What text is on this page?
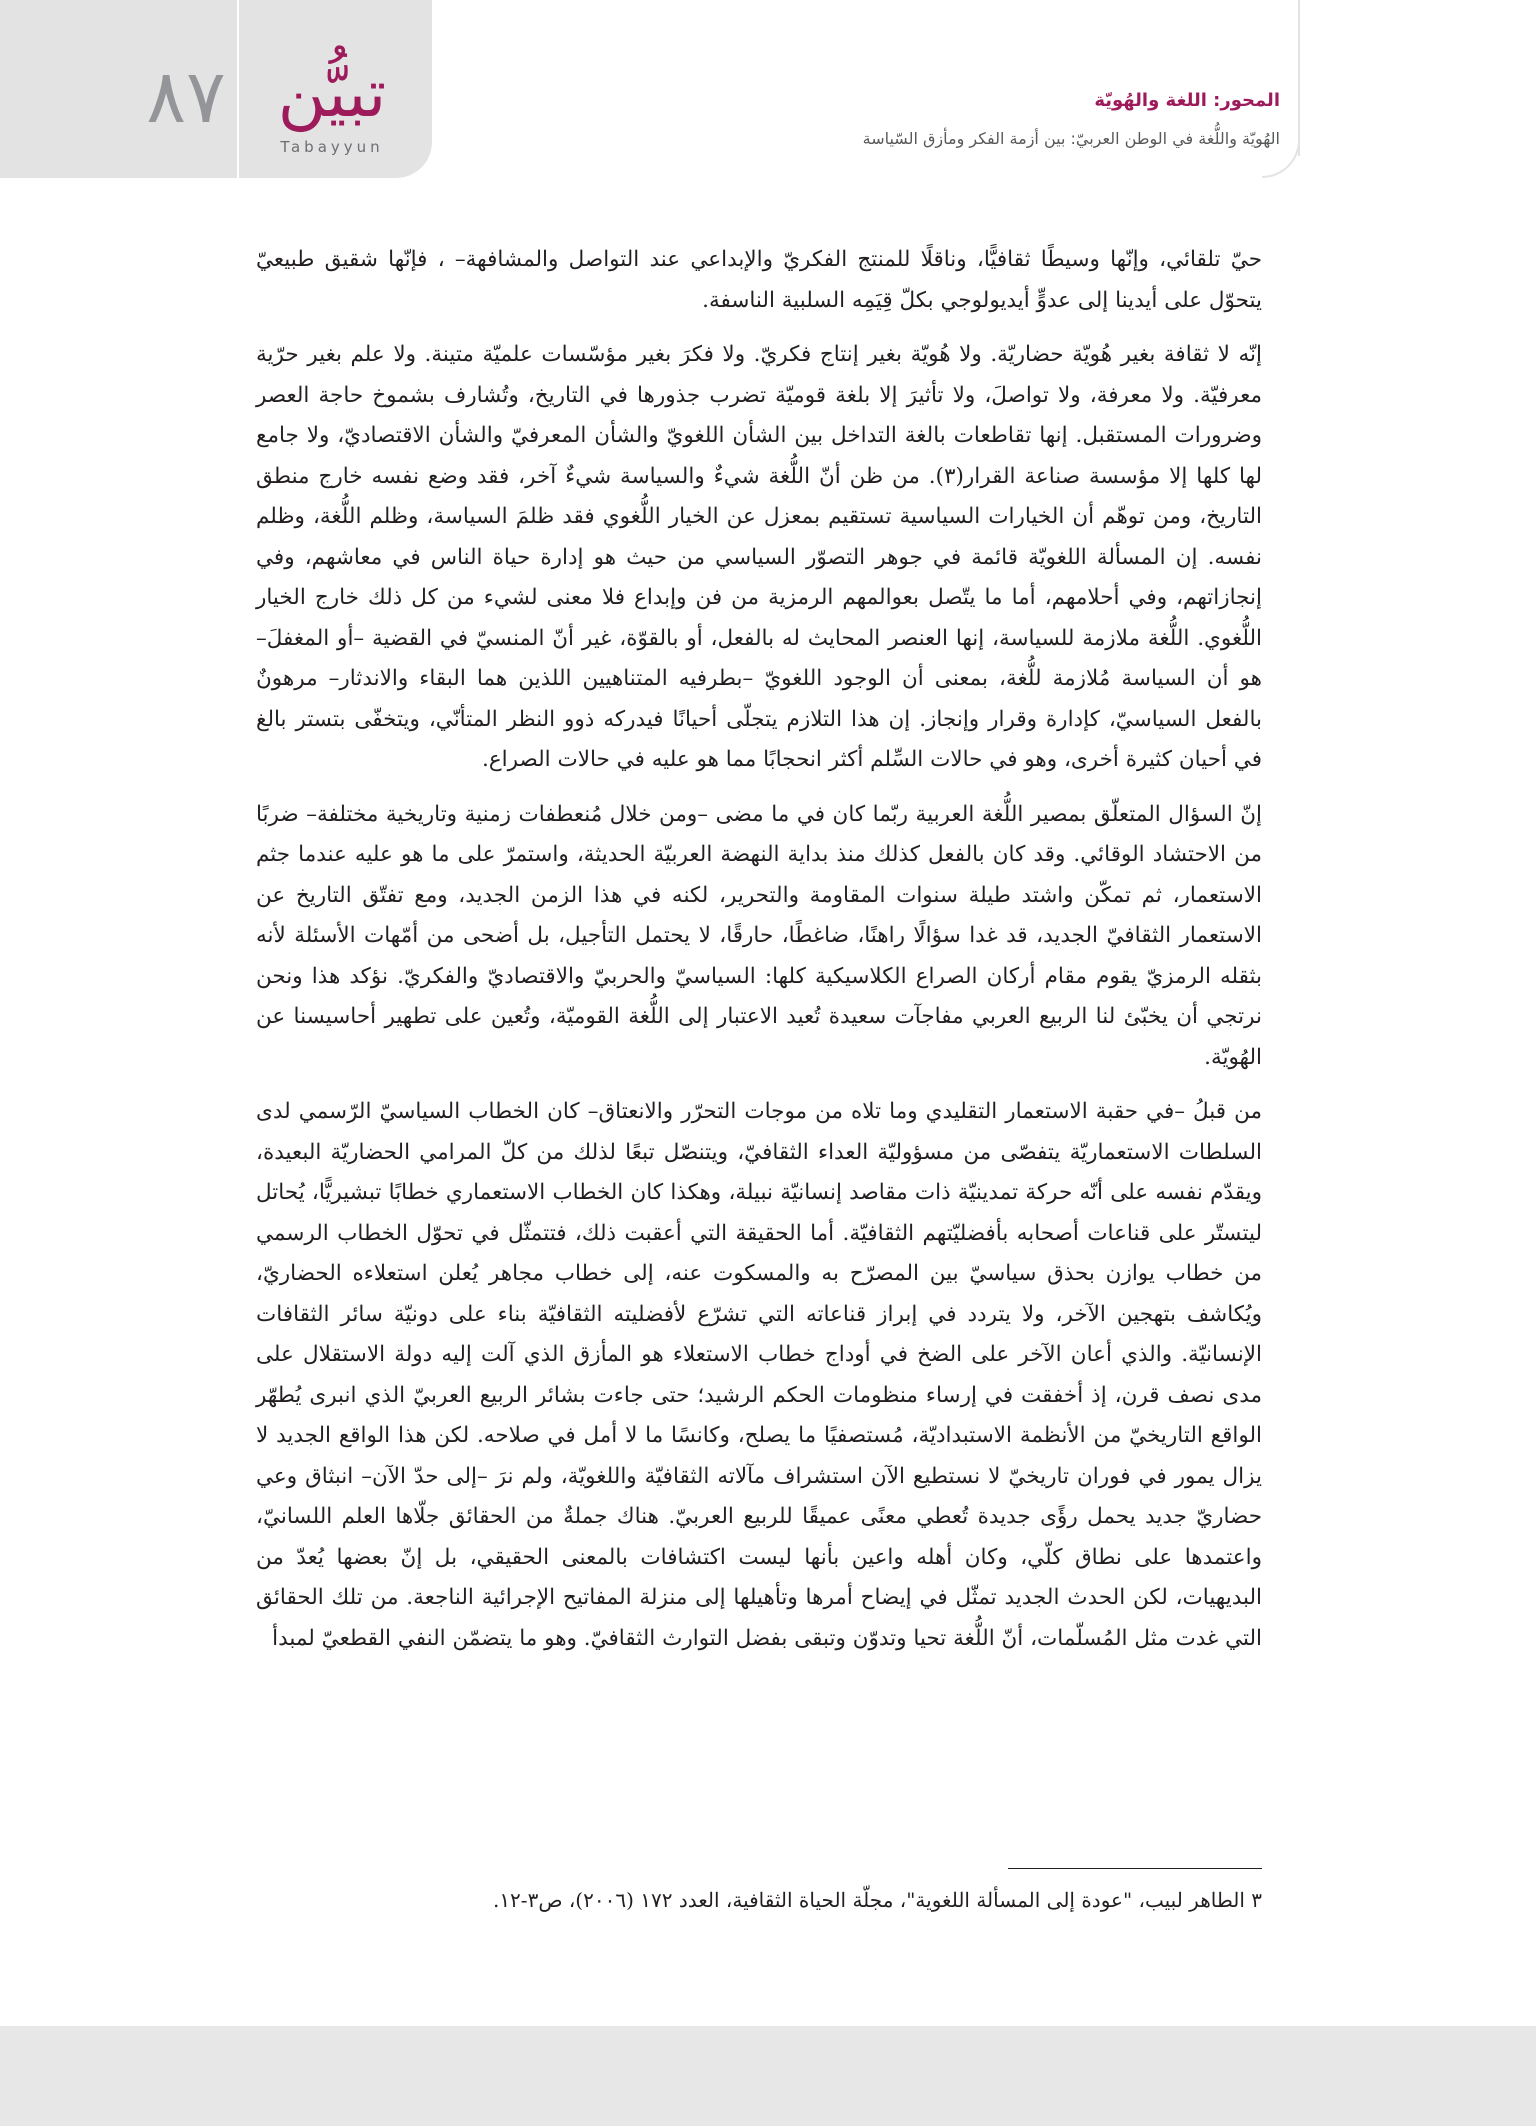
٨٧ تبيُّن
Tabayyun
المحور: اللغة والهُويّة
الهُويّة واللُّغة في الوطن العربيّ: بين أزمة الفكر ومأزق السّياسة

حيّ تلقائي، وإنّها وسيطًا ثقافيًّا، وناقلًا للمنتج الفكريّ والإبداعي عند التواصل والمشافهة– ، فإنّها شقيق طبيعيّ يتحوّل على أيدينا إلى عدوٍّ أيديولوجي بكلّ قِيَمِه السلبية الناسفة.

إنّه لا ثقافة بغير هُويّة حضاريّة. ولا هُويّة بغير إنتاج فكريّ. ولا فكرَ بغير مؤسّسات علميّة متينة. ولا علم بغير حرّية معرفيّة. ولا معرفة، ولا تواصلَ، ولا تأثيرَ إلا بلغة قوميّة تضرب جذورها في التاريخ، وتُشارف بشموخ حاجة العصر وضرورات المستقبل. إنها تقاطعات بالغة التداخل بين الشأن اللغويّ والشأن المعرفيّ والشأن الاقتصاديّ، ولا جامع لها كلها إلا مؤسسة صناعة القرار(٣). من ظن أنّ اللُّغة شيءٌ والسياسة شيءٌ آخر، فقد وضع نفسه خارج منطق التاريخ، ومن توهّم أن الخيارات السياسية تستقيم بمعزل عن الخيار اللُّغوي فقد ظلمَ السياسة، وظلم اللُّغة، وظلم نفسه. إن المسألة اللغويّة قائمة في جوهر التصوّر السياسي من حيث هو إدارة حياة الناس في معاشهم، وفي إنجازاتهم، وفي أحلامهم، أما ما يتّصل بعوالمهم الرمزية من فن وإبداع فلا معنى لشيء من كل ذلك خارج الخيار اللُّغوي. اللُّغة ملازمة للسياسة، إنها العنصر المحايث له بالفعل، أو بالقوّة، غير أنّ المنسيّ في القضية –أو المغفلَ– هو أن السياسة مُلازمة للُّغة، بمعنى أن الوجود اللغويّ –بطرفيه المتناهيين اللذين هما البقاء والاندثار– مرهونٌ بالفعل السياسيّ، كإدارة وقرار وإنجاز. إن هذا التلازم يتجلّى أحيانًا فيدركه ذوو النظر المتأنّي، ويتخفّى بتستر بالغ في أحيان كثيرة أخرى، وهو في حالات السِّلم أكثر انحجابًا مما هو عليه في حالات الصراع.

إنّ السؤال المتعلّق بمصير اللُّغة العربية ربّما كان في ما مضى –ومن خلال مُنعطفات زمنية وتاريخية مختلفة– ضربًا من الاحتشاد الوقائي. وقد كان بالفعل كذلك منذ بداية النهضة العربيّة الحديثة، واستمرّ على ما هو عليه عندما جثم الاستعمار، ثم تمكّن واشتد طيلة سنوات المقاومة والتحرير، لكنه في هذا الزمن الجديد، ومع تفتّق التاريخ عن الاستعمار الثقافيّ الجديد، قد غدا سؤالًا راهنًا، ضاغطًا، حارقًا، لا يحتمل التأجيل، بل أضحى من أمّهات الأسئلة لأنه بثقله الرمزيّ يقوم مقام أركان الصراع الكلاسيكية كلها: السياسيّ والحربيّ والاقتصاديّ والفكريّ. نؤكد هذا ونحن نرتجي أن يخبّئ لنا الربيع العربي مفاجآت سعيدة تُعيد الاعتبار إلى اللُّغة القوميّة، وتُعين على تطهير أحاسيسنا عن الهُويّة.

من قبلُ –في حقبة الاستعمار التقليدي وما تلاه من موجات التحرّر والانعتاق– كان الخطاب السياسيّ الرّسمي لدى السلطات الاستعماريّة يتفصّى من مسؤوليّة العداء الثقافيّ، ويتنصّل تبعًا لذلك من كلّ المرامي الحضاريّة البعيدة، ويقدّم نفسه على أنّه حركة تمدينيّة ذات مقاصد إنسانيّة نبيلة، وهكذا كان الخطاب الاستعماري خطابًا تبشيريًّا، يُحاتل ليتستّر على قناعات أصحابه بأفضليّتهم الثقافيّة. أما الحقيقة التي أعقبت ذلك، فتتمثّل في تحوّل الخطاب الرسمي من خطاب يوازن بحذق سياسيّ بين المصرّح به والمسكوت عنه، إلى خطاب مجاهر يُعلن استعلاءه الحضاريّ، ويُكاشف بتهجين الآخر، ولا يتردد في إبراز قناعاته التي تشرّع لأفضليته الثقافيّة بناء على دونيّة سائر الثقافات الإنسانيّة. والذي أعان الآخر على الضخ في أوداج خطاب الاستعلاء هو المأزق الذي آلت إليه دولة الاستقلال على مدى نصف قرن، إذ أخفقت في إرساء منظومات الحكم الرشيد؛ حتى جاءت بشائر الربيع العربيّ الذي انبرى يُطهّر الواقع التاريخيّ من الأنظمة الاستبداديّة، مُستصفيًا ما يصلح، وكانسًا ما لا أمل في صلاحه. لكن هذا الواقع الجديد لا يزال يمور في فوران تاريخيّ لا نستطيع الآن استشراف مآلاته الثقافيّة واللغويّة، ولم نرَ –إلى حدّ الآن– انبثاق وعي حضاريّ جديد يحمل رؤًى جديدة تُعطي معنًى عميقًا للربيع العربيّ. هناك جملةٌ من الحقائق جلّاها العلم اللسانيّ، واعتمدها على نطاق كلّي، وكان أهله واعين بأنها ليست اكتشافات بالمعنى الحقيقي، بل إنّ بعضها يُعدّ من البديهيات، لكن الحدث الجديد تمثّل في إيضاح أمرها وتأهيلها إلى منزلة المفاتيح الإجرائية الناجعة. من تلك الحقائق التي غدت مثل المُسلّمات، أنّ اللُّغة تحيا وتدوّن وتبقى بفضل التوارث الثقافيّ. وهو ما يتضمّن النفي القطعيّ لمبدأ

٣ الطاهر لبيب، "عودة إلى المسألة اللغوية"، مجلّة الحياة الثقافية، العدد ١٧٢ (٢٠٠٦)، ص٣-١٢.
